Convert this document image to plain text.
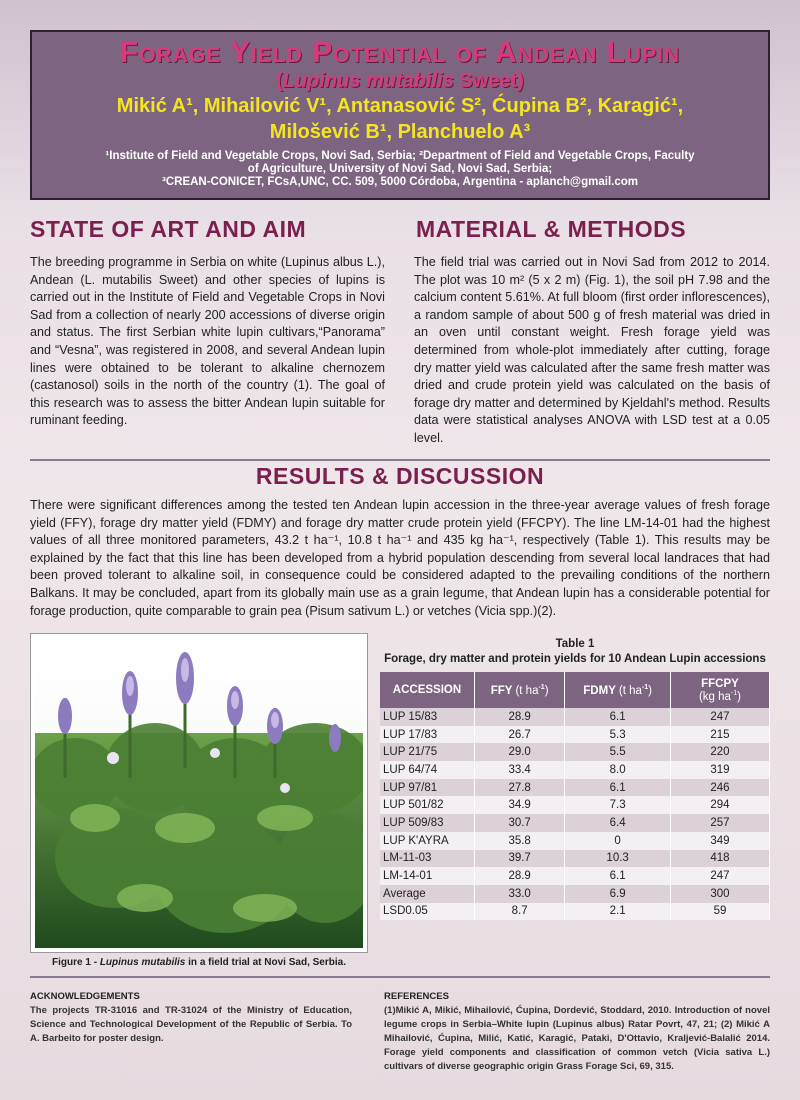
Forage Yield Potential of Andean Lupin
(Lupinus mutabilis Sweet)
Mikić A¹, Mihailović V¹, Antanasović S², Ćupina B², Karagić¹,
Milošević B¹, Planchuelo A³
¹Institute of Field and Vegetable Crops, Novi Sad, Serbia; ²Department of Field and Vegetable Crops, Faculty
of Agriculture, University of Novi Sad, Novi Sad, Serbia;
³CREAN-CONICET, FCsA,UNC, CC. 509, 5000 Córdoba, Argentina - aplanch@gmail.com
STATE OF ART AND AIM
The breeding programme in Serbia on white (Lupinus albus L.), Andean (L. mutabilis Sweet) and other species of lupins is carried out in the Institute of Field and Vegetable Crops in Novi Sad from a collection of nearly 200 accessions of diverse origin and status. The first Serbian white lupin cultivars,“Panorama” and “Vesna”, was registered in 2008, and several Andean lupin lines were obtained to be tolerant to alkaline chernozem (castanosol) soils in the north of the country (1). The goal of this research was to assess the bitter Andean lupin suitable for ruminant feeding.
MATERIAL & METHODS
The field trial was carried out in Novi Sad from 2012 to 2014. The plot was 10 m² (5 x 2 m) (Fig. 1), the soil pH 7.98 and the calcium content 5.61%. At full bloom (first order inflorescences), a random sample of about 500 g of fresh material was dried in an oven until constant weight. Fresh forage yield was determined from whole-plot immediately after cutting, forage dry matter yield was calculated after the same fresh matter was dried and crude protein yield was calculated on the basis of forage dry matter and determined by Kjeldahl's method. Results data were statistical analyses ANOVA with LSD test at a 0.05 level.
RESULTS & DISCUSSION
There were significant differences among the tested ten Andean lupin accession in the three-year average values of fresh forage yield (FFY), forage dry matter yield (FDMY) and forage dry matter crude protein yield (FFCPY). The line LM-14-01 had the highest values of all three monitored parameters, 43.2 t ha⁻¹, 10.8 t ha⁻¹ and 435 kg ha⁻¹, respectively (Table 1). This results may be explained by the fact that this line has been developed from a hybrid population descending from several local landraces that had been proved tolerant to alkaline soil, in consequence could be considered adapted to the prevailing conditions of the northern Balkans. It may be concluded, apart from its globally main use as a grain legume, that Andean lupin has a considerable potential for forage production, quite comparable to grain pea (Pisum sativum L.) or vetches (Vicia spp.)(2).
Figure 1 - Lupinus mutabilis in a field trial at Novi Sad, Serbia.
Table 1
Forage, dry matter and protein yields for 10 Andean Lupin accessions
ACCESSION	FFY (t $ha^{-1}$)	FDMY (t $ha^{-1}$)	FFCPY
(kg $ha^{-1}$)

LUP 15/83	28.9	6.1	247
LUP 17/83	26.7	5.3	215
LUP 21/75	29.0	5.5	220
LUP 64/74	33.4	8.0	319
LUP 97/81	27.8	6.1	246
LUP 501/82	34.9	7.3	294
LUP 509/83	30.7	6.4	257
LUP K'AYRA	35.8	0	349
LM-11-03	39.7	10.3	418
LM-14-01	28.9	6.1	247
Average	33.0	6.9	300
LSD0.05	8.7	2.1	59
ACKNOWLEDGEMENTS
The projects TR-31016 and TR-31024 of the Ministry of Education, Science and Technological Development of the Republic of Serbia. To A. Barbeito for poster design.
REFERENCES
(1)Mikić A, Mikić, Mihailović, Ćupina, Dordević, Stoddard, 2010. Introduction of novel legume crops in Serbia–White lupin (Lupinus albus) Ratar Povrt, 47, 21; (2) Mikić A Mihailović, Ćupina, Milić, Katić, Karagić, Pataki, D'Ottavio, Kraljević-Balalić 2014. Forage yield components and classification of common vetch (Vicia sativa L.) cultivars of diverse geographic origin Grass Forage Sci, 69, 315.
